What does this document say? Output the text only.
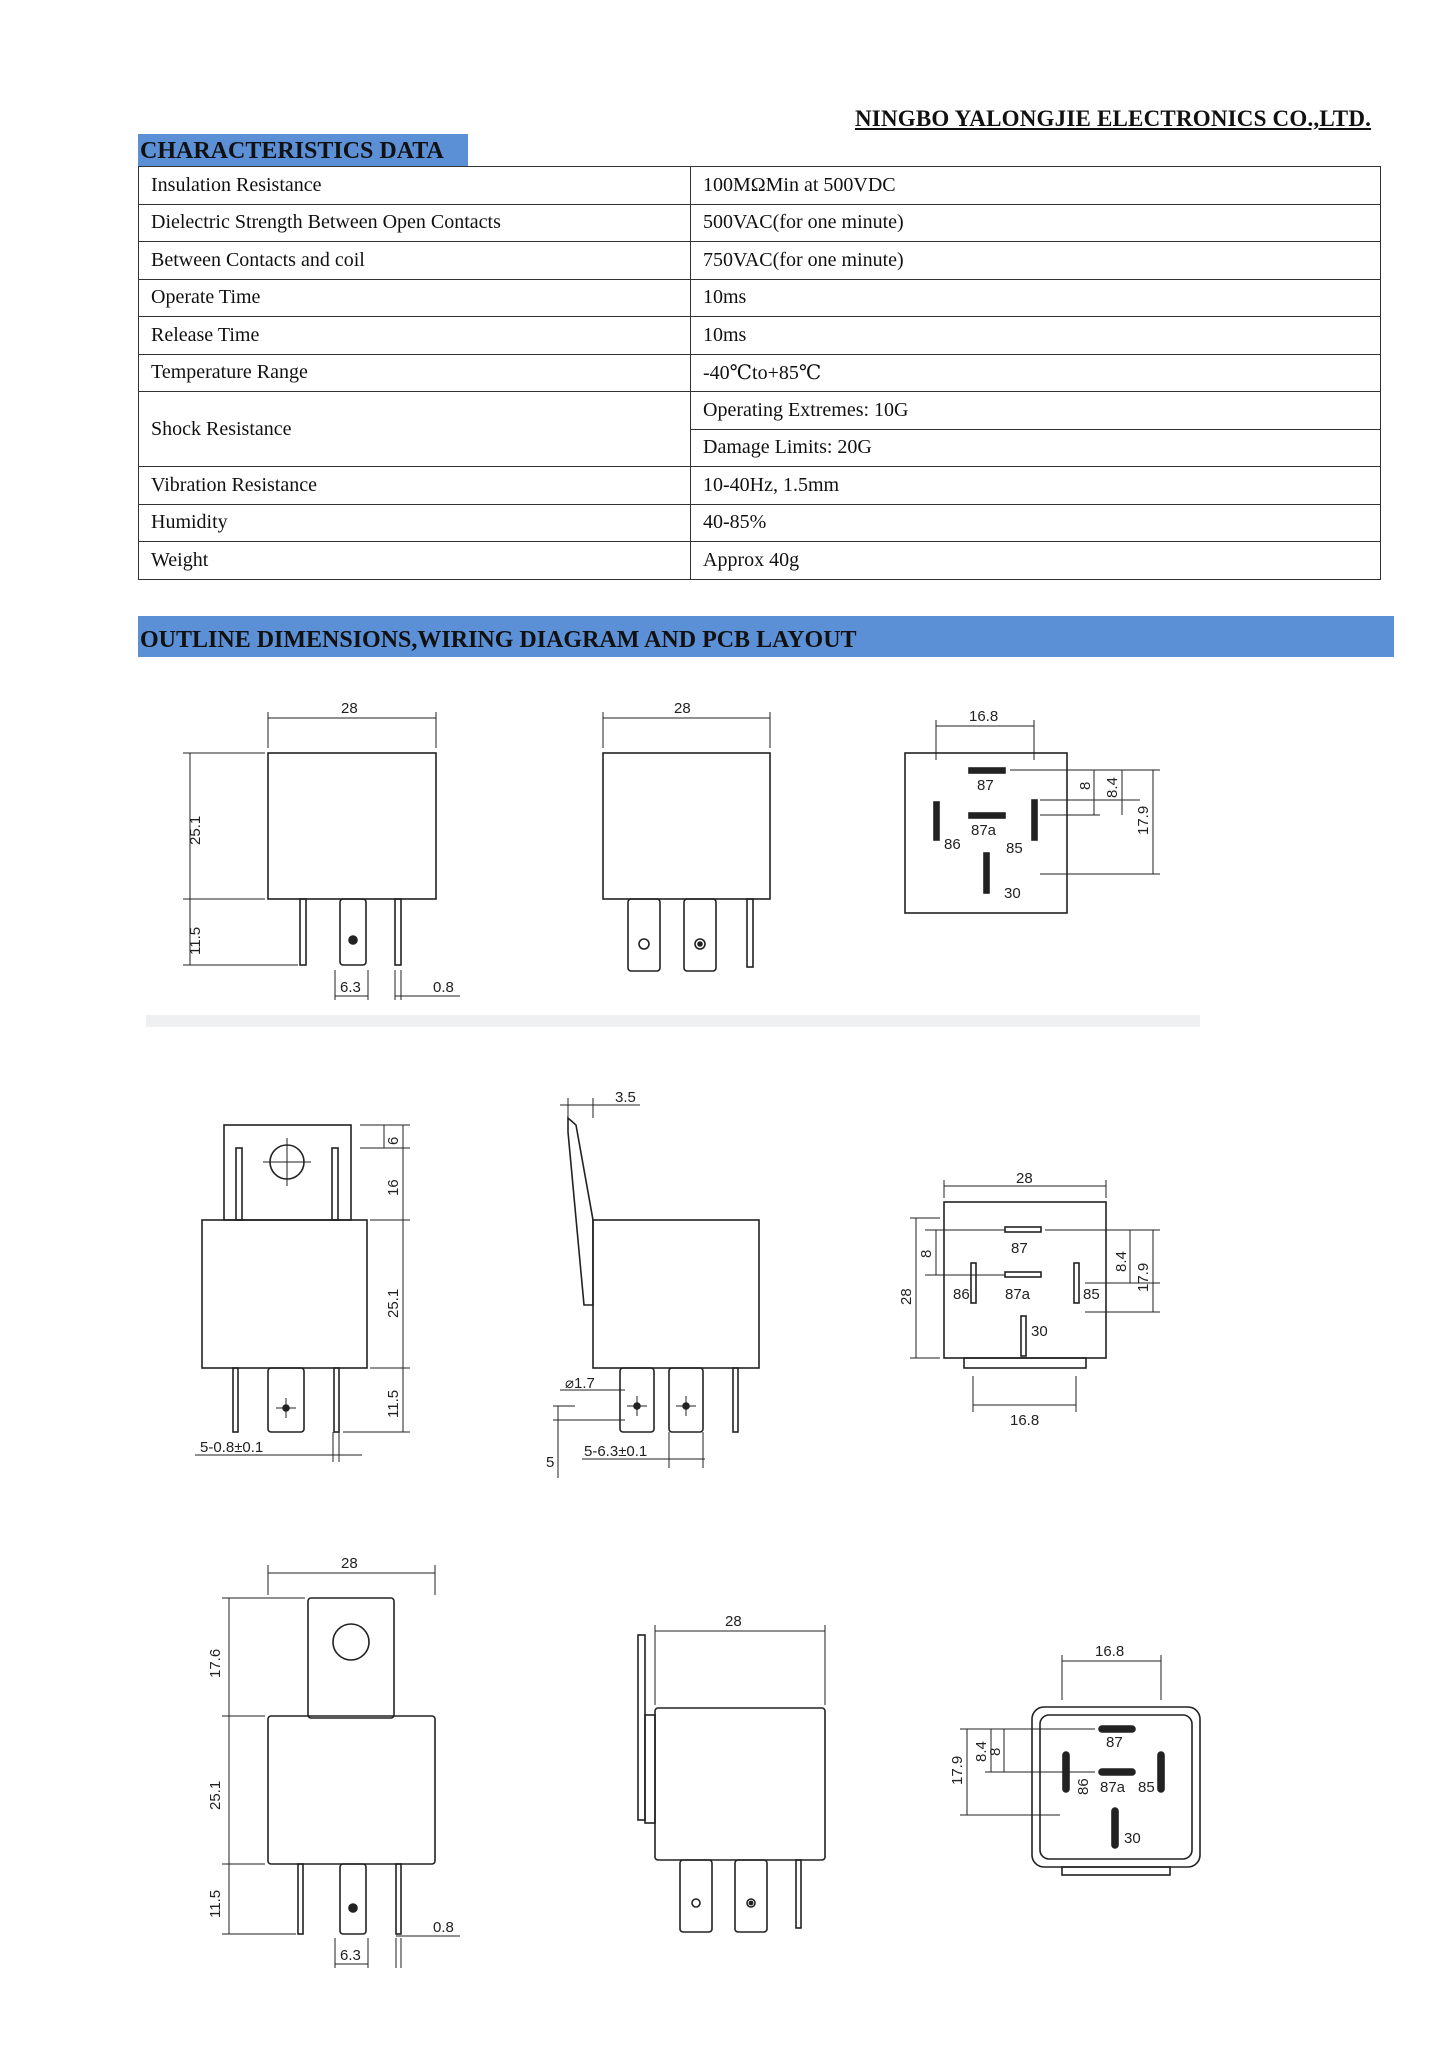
NINGBO YALONGJIE ELECTRONICS CO.,LTD.
CHARACTERISTICS DATA
Insulation Resistance	100MΩMin at 500VDC
Dielectric Strength Between Open Contacts	500VAC(for one minute)
Between Contacts and coil	750VAC(for one minute)
Operate Time	10ms
Release Time	10ms
Temperature Range	-40℃to+85℃
Shock Resistance	Operating Extremes: 10G
	Damage Limits: 20G
Vibration Resistance	10-40Hz, 1.5mm
Humidity	40-85%
Weight	Approx 40g
OUTLINE DIMENSIONS,WIRING DIAGRAM AND PCB LAYOUT
28
25.1
11.5
6.3	0.8
28	16.8
87
87a
86	85
30
8 8.4
17.9
6
16
25.1
11.5
5-0.8±0.1
3.5
⌀1.7
5
5-6.3±0.1
28
87
87a
86	85
30
28
8	8.4
17.9
16.8
28
17.6
25.1
11.5
6.3
0.8
28
16.8
87
87a
86	85
30
8
8.4
17.9
